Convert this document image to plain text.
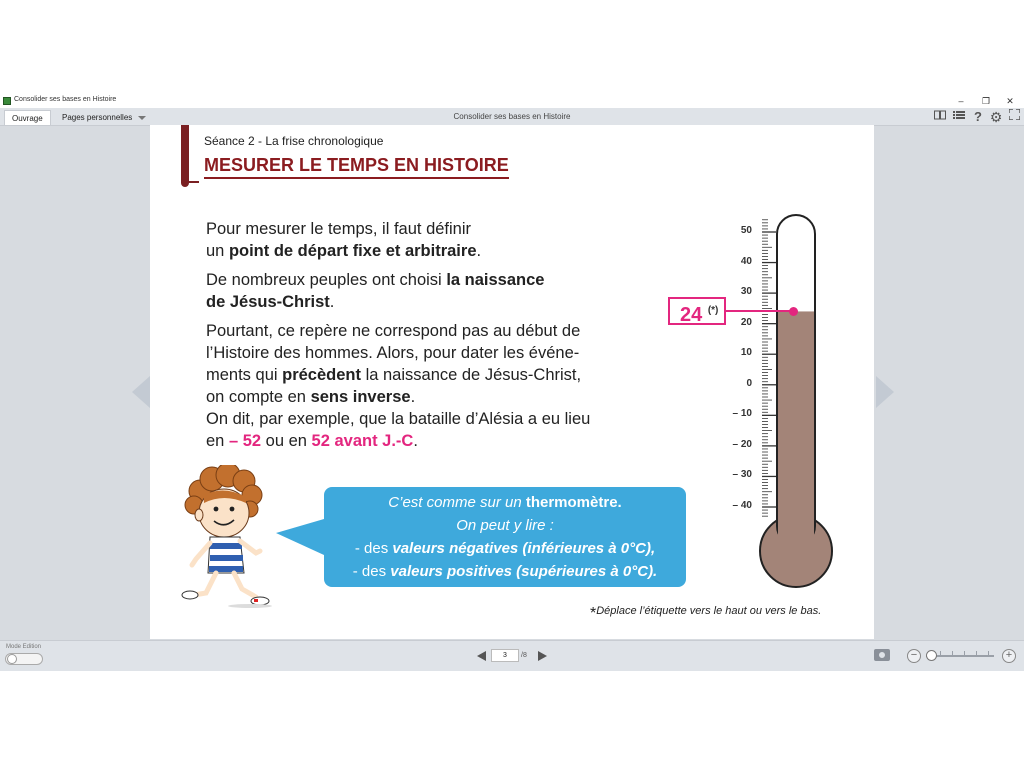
Consolider ses bases en Histoire	–	❐	✕
Ouvrage	Pages personnelles	Consolider ses bases en Histoire	? ⚙
Séance 2 - La frise chronologique
MESURER LE TEMPS EN HISTOIRE
Pour mesurer le temps, il faut définir
un point de départ fixe et arbitraire.
De nombreux peuples ont choisi la naissance
de Jésus-Christ.
Pourtant, ce repère ne correspond pas au début de
l’Histoire des hommes. Alors, pour dater les événe-
ments qui précèdent la naissance de Jésus-Christ,
on compte en sens inverse.
On dit, par exemple, que la bataille d’Alésia a eu lieu
en – 52 ou en 52 avant J.-C.
C’est comme sur un thermomètre.
On peut y lire :
- des valeurs négatives (inférieures à 0°C),
- des valeurs positives (supérieures à 0°C).
*Déplace l’étiquette vers le haut ou vers le bas.
50
40
30
20
10
0
– 10
– 20
– 30
– 40
24 (*)
Mode Edition
3	/8	−	+
